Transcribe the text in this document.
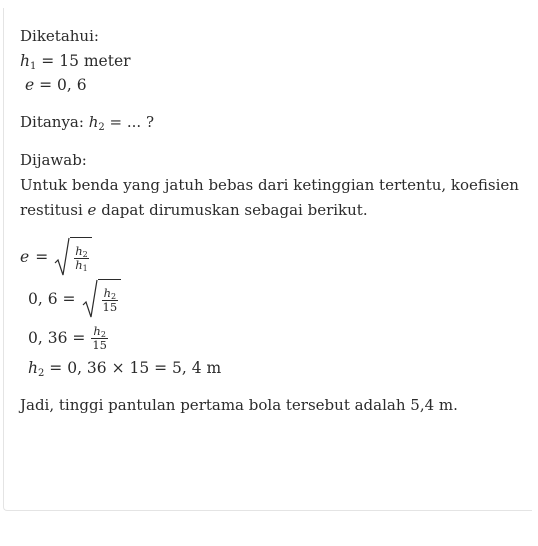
Diketahui:
$h_1 = 15$ meter
e = 0, 6
Ditanya: $h_2$ = ... ?
Dijawab:
Untuk benda yang jatuh bebas dari ketinggian tertentu, koefisien restitusi e dapat dirumuskan sebagai berikut.
$e = \frac{h_2}{h_1}$
0, $6 = \frac{h_2}{15}$
0, $36 = \frac{h_2}{15}$
$h_2 = 0$, 36 × 15 = 5, 4 m
Jadi, tinggi pantulan pertama bola tersebut adalah 5,4 m.
